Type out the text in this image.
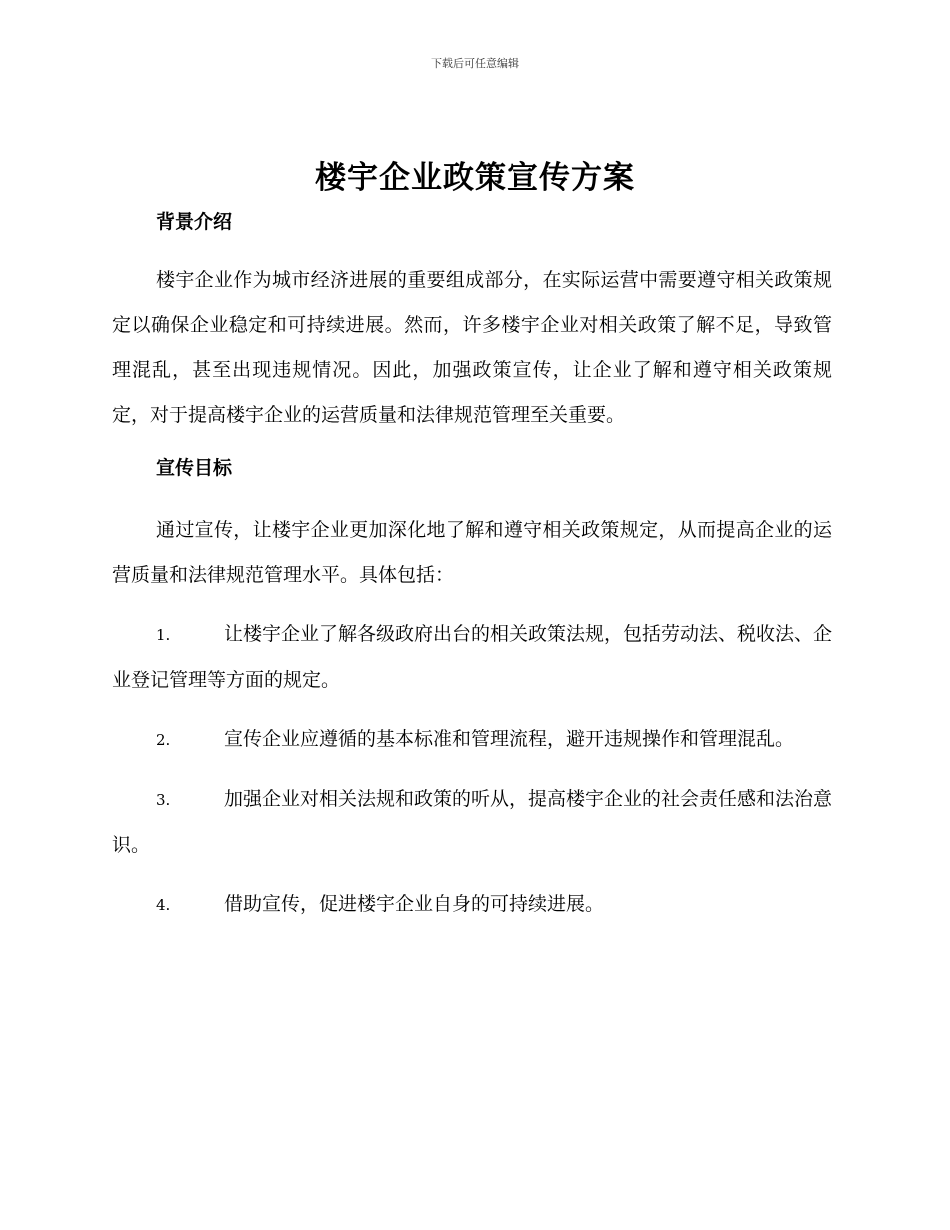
下载后可任意编辑
楼宇企业政策宣传方案
背景介绍

楼宇企业作为城市经济进展的重要组成部分，在实际运营中需要遵守相关政策规定以确保企业稳定和可持续进展。然而，许多楼宇企业对相关政策了解不足，导致管理混乱，甚至出现违规情况。因此，加强政策宣传，让企业了解和遵守相关政策规定，对于提高楼宇企业的运营质量和法律规范管理至关重要。

宣传目标

通过宣传，让楼宇企业更加深化地了解和遵守相关政策规定，从而提高企业的运营质量和法律规范管理水平。具体包括：

1.	让楼宇企业了解各级政府出台的相关政策法规，包括劳动法、税收法、企业登记管理等方面的规定。

2.	宣传企业应遵循的基本标准和管理流程，避开违规操作和管理混乱。

3.	加强企业对相关法规和政策的听从，提高楼宇企业的社会责任感和法治意识。

4.	借助宣传，促进楼宇企业自身的可持续进展。
